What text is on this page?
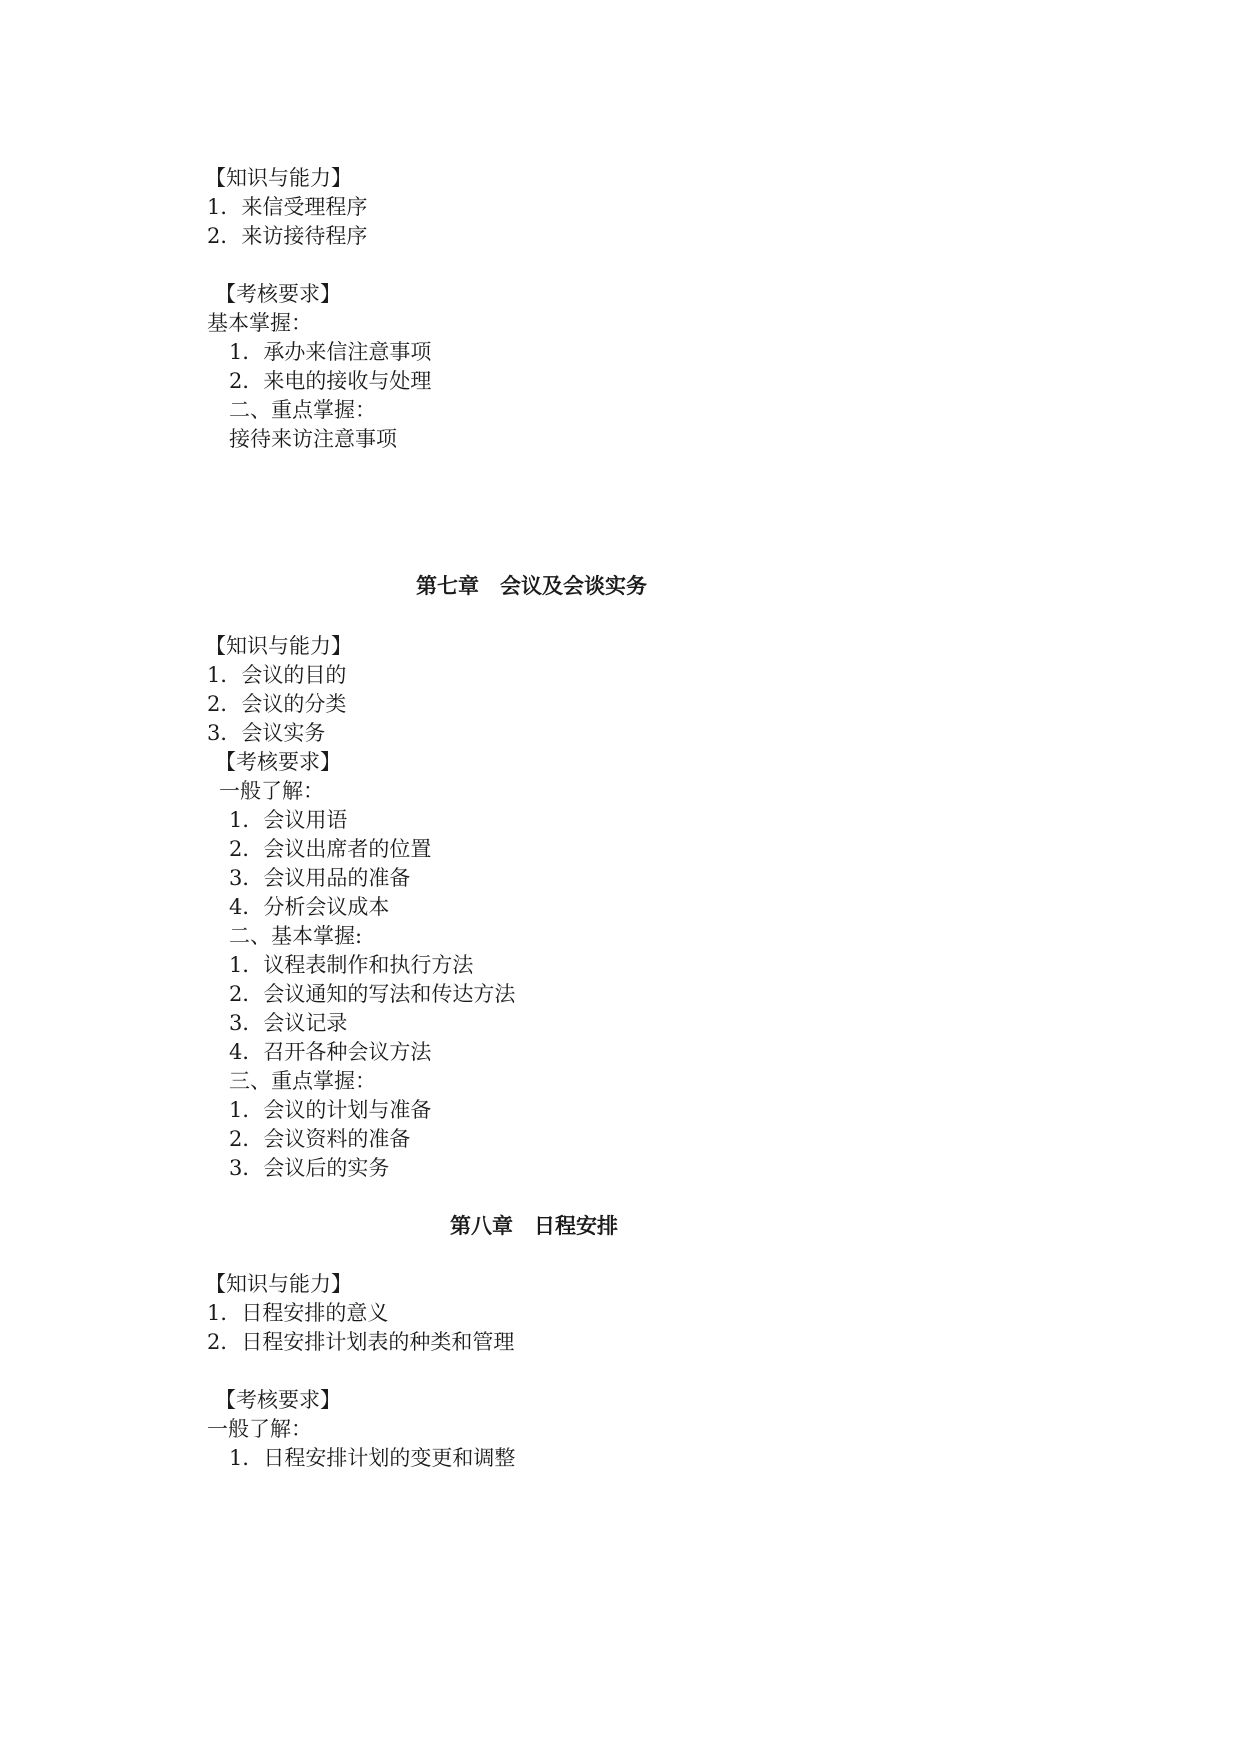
【知识与能力】
1．来信受理程序
2．来访接待程序
【考核要求】
基本掌握：
1．承办来信注意事项
2．来电的接收与处理
二、重点掌握：
接待来访注意事项
第七章　会议及会谈实务
【知识与能力】
1．会议的目的
2．会议的分类
3．会议实务
【考核要求】
一般了解：
1．会议用语
2．会议出席者的位置
3．会议用品的准备
4．分析会议成本
二、基本掌握:
1．议程表制作和执行方法
2．会议通知的写法和传达方法
3．会议记录
4．召开各种会议方法
三、重点掌握：
1．会议的计划与准备
2．会议资料的准备
3．会议后的实务
第八章　日程安排
【知识与能力】
1．日程安排的意义
2．日程安排计划表的种类和管理
【考核要求】
一般了解：
1．日程安排计划的变更和调整
